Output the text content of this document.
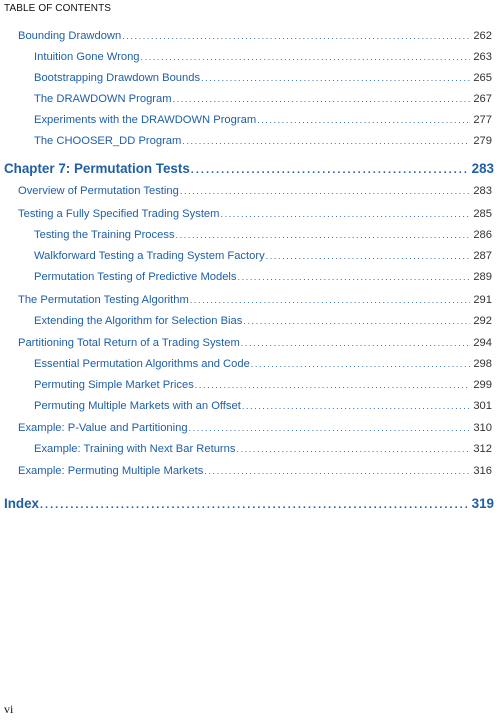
TABLE OF CONTENTS
Bounding Drawdown .....	262
Intuition Gone Wrong .....	263
Bootstrapping Drawdown Bounds .....	265
The DRAWDOWN Program .....	267
Experiments with the DRAWDOWN Program .....	277
The CHOOSER_DD Program .....	279
Chapter 7: Permutation Tests .....	283
Overview of Permutation Testing .....	283
Testing a Fully Specified Trading System .....	285
Testing the Training Process .....	286
Walkforward Testing a Trading System Factory .....	287
Permutation Testing of Predictive Models .....	289
The Permutation Testing Algorithm .....	291
Extending the Algorithm for Selection Bias .....	292
Partitioning Total Return of a Trading System .....	294
Essential Permutation Algorithms and Code .....	298
Permuting Simple Market Prices .....	299
Permuting Multiple Markets with an Offset .....	301
Example: P-Value and Partitioning .....	310
Example: Training with Next Bar Returns .....	312
Example: Permuting Multiple Markets .....	316
Index .....	319
vi
